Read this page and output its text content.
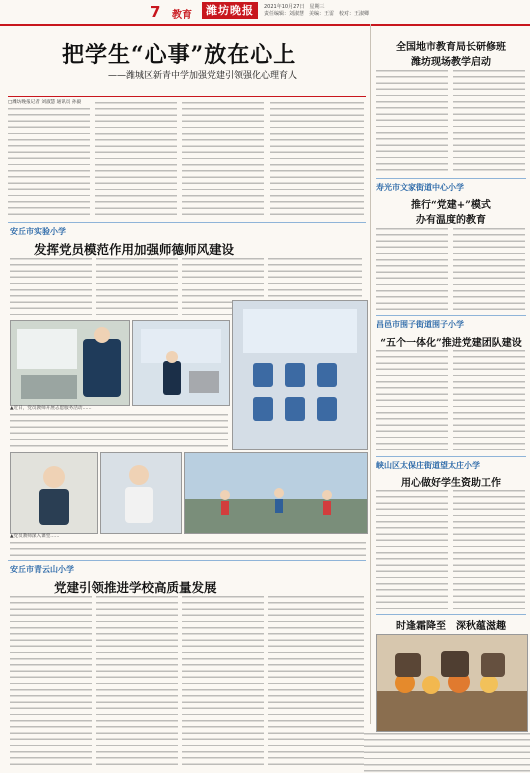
7 教育	潍坊晚报	2021年10月27日　星期三
责任编辑：刘淑慧　美编：王雷　校对：王淑卿
把学生“心事”放在心上
——潍城区新青中学加强党建引领强化心理育人
□潍坊晚报记者 刘淑慧 通讯员 孙毅
全国地市教育局长研修班
潍坊现场教学启动
寿光市文家街道中心小学
推行“党建+”模式
办有温度的教育
昌邑市围子街道围子小学
“五个一体化”推进党建团队建设
峡山区太保庄街道望太庄小学
用心做好学生资助工作
时逢霜降至　深秋蕴滋趣
安丘市实验小学
发挥党员模范作用加强师德师风建设
▲近日，党员教师开展志愿服务活动……
▲党员教师深入课堂……
安丘市青云山小学
党建引领推进学校高质量发展
